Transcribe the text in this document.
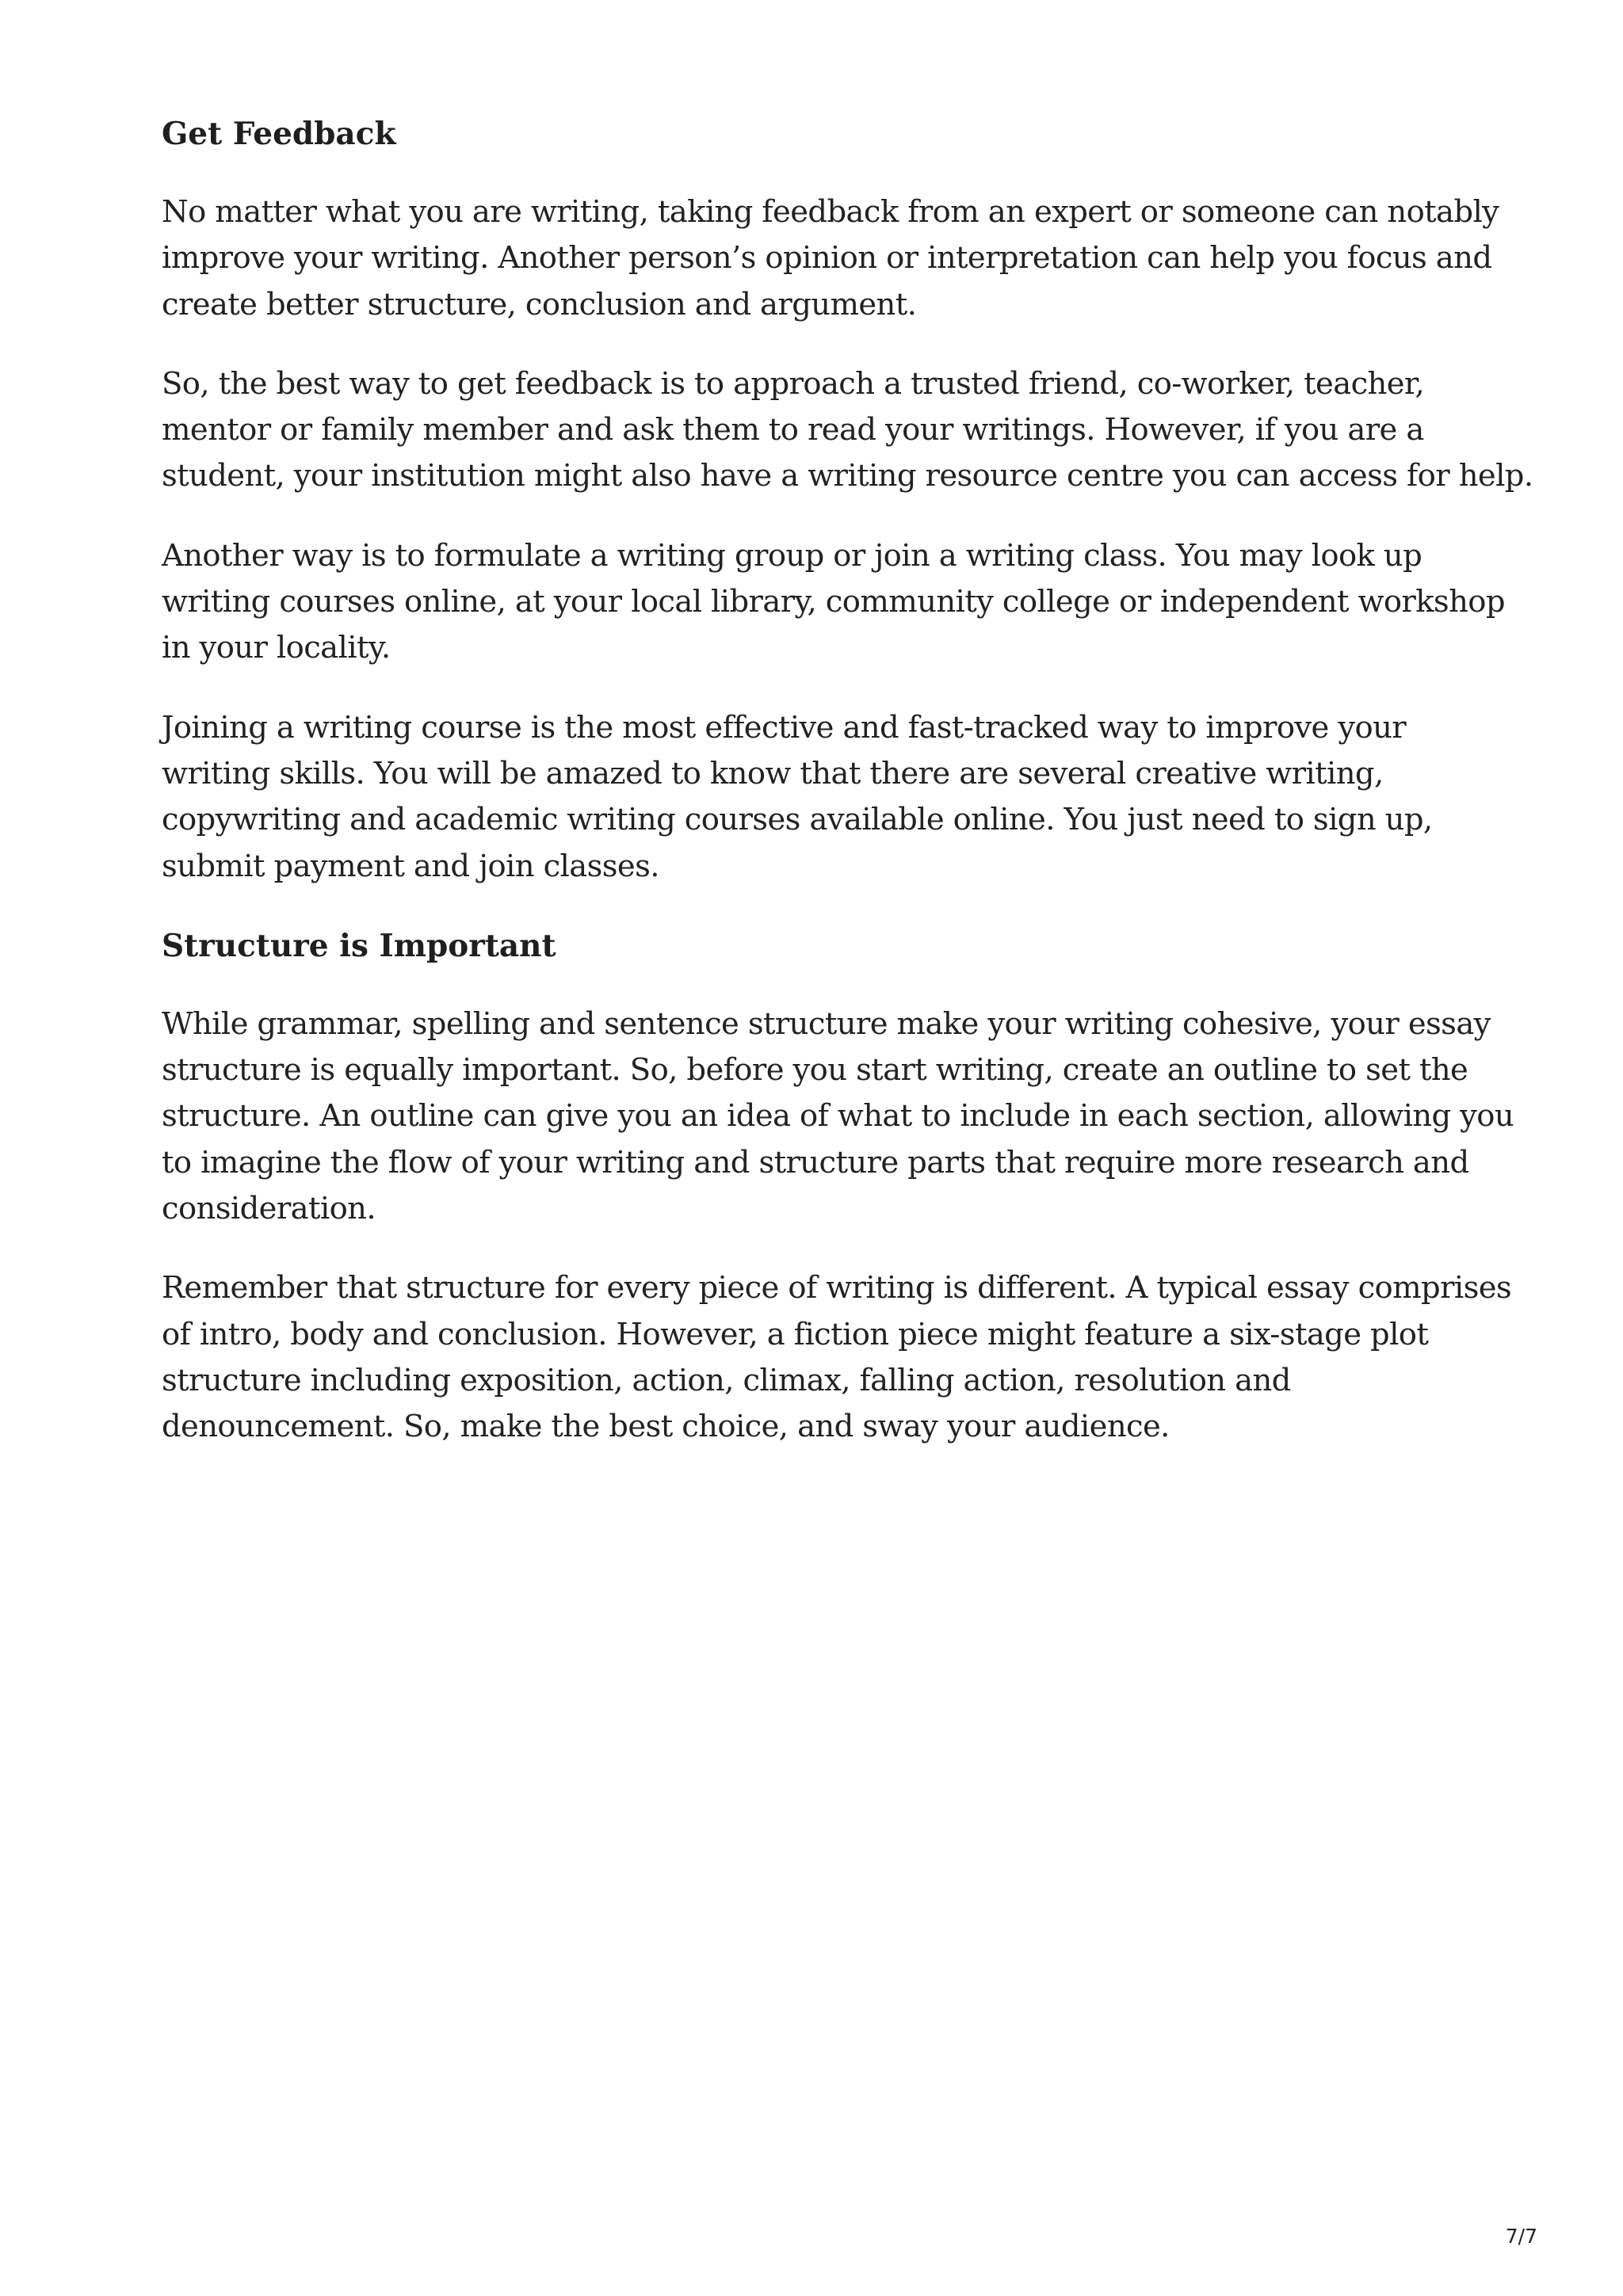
Get Feedback

No matter what you are writing, taking feedback from an expert or someone can notably
improve your writing. Another person’s opinion or interpretation can help you focus and
create better structure, conclusion and argument.

So, the best way to get feedback is to approach a trusted friend, co-worker, teacher,
mentor or family member and ask them to read your writings. However, if you are a
student, your institution might also have a writing resource centre you can access for help.

Another way is to formulate a writing group or join a writing class. You may look up
writing courses online, at your local library, community college or independent workshop
in your locality.

Joining a writing course is the most effective and fast-tracked way to improve your
writing skills. You will be amazed to know that there are several creative writing,
copywriting and academic writing courses available online. You just need to sign up,
submit payment and join classes.

Structure is Important

While grammar, spelling and sentence structure make your writing cohesive, your essay
structure is equally important. So, before you start writing, create an outline to set the
structure. An outline can give you an idea of what to include in each section, allowing you
to imagine the flow of your writing and structure parts that require more research and
consideration.

Remember that structure for every piece of writing is different. A typical essay comprises
of intro, body and conclusion. However, a fiction piece might feature a six-stage plot
structure including exposition, action, climax, falling action, resolution and
denouncement. So, make the best choice, and sway your audience.

7/7
